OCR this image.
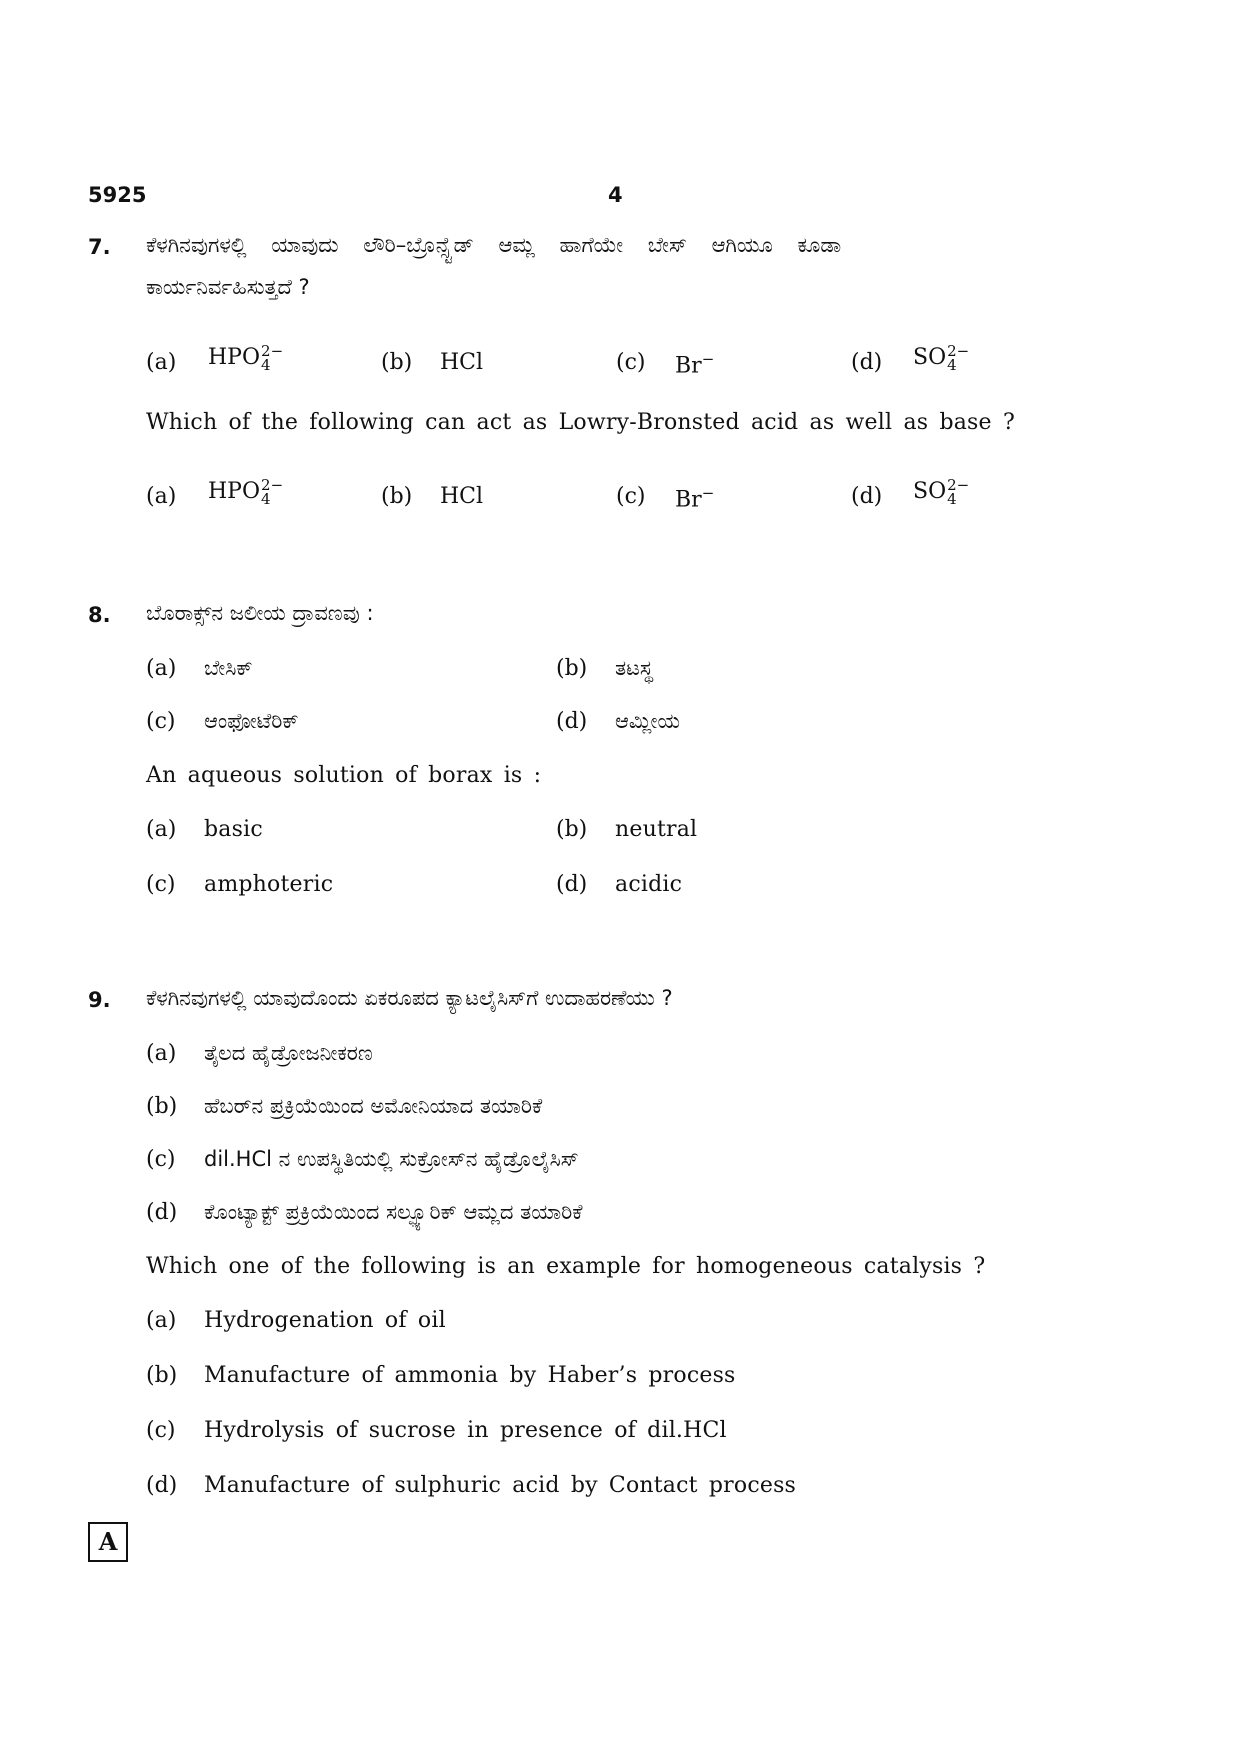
5925	4
7. ಕೆಳಗಿನವುಗಳಲ್ಲಿ ಯಾವುದು ಲೌರಿ–ಬ್ರೊನ್ಸ್ಟೆಡ್ ಆಮ್ಲ ಹಾಗೆಯೇ ಬೇಸ್ ಆಗಿಯೂ ಕೂಡಾ
ಕಾರ್ಯನಿರ್ವಹಿಸುತ್ತದೆ ?
(a) HPO 2−
4	(b) HCl	(c) Br−	(d) SO 2−
4
Which of the following can act as Lowry-Bronsted acid as well as base ?
(a) HPO 2−
4	(b) HCl	(c) Br−	(d) SO 2−
4
8. ಬೊರಾಕ್ಸ್‌ನ ಜಲೀಯ ದ್ರಾವಣವು :
(a) ಬೇಸಿಕ್	(b) ತಟಸ್ಥ
(c) ಆಂಫೋಟೆರಿಕ್	(d) ಆಮ್ಲೀಯ
An aqueous solution of borax is :
(a) basic	(b) neutral
(c) amphoteric	(d) acidic
9. ಕೆಳಗಿನವುಗಳಲ್ಲಿ ಯಾವುದೊಂದು ಏಕರೂಪದ ಕ್ಯಾಟಲೈಸಿಸ್‌ಗೆ ಉದಾಹರಣೆಯು ?
(a) ತೈಲದ ಹೈಡ್ರೋಜನೀಕರಣ
(b) ಹೆಬರ್‌ನ ಪ್ರಕ್ರಿಯೆಯಿಂದ ಅಮೋನಿಯಾದ ತಯಾರಿಕೆ
(c) dil.HCl ನ ಉಪಸ್ಥಿತಿಯಲ್ಲಿ ಸುಕ್ರೋಸ್‌ನ ಹೈಡ್ರೊಲೈಸಿಸ್
(d) ಕೊಂಟ್ಯಾಕ್ಟ್ ಪ್ರಕ್ರಿಯೆಯಿಂದ ಸಲ್ಫ್ಯೂರಿಕ್ ಆಮ್ಲದ ತಯಾರಿಕೆ
Which one of the following is an example for homogeneous catalysis ?
(a) Hydrogenation of oil
(b) Manufacture of ammonia by Haber’s process
(c) Hydrolysis of sucrose in presence of dil.HCl
(d) Manufacture of sulphuric acid by Contact process
A
